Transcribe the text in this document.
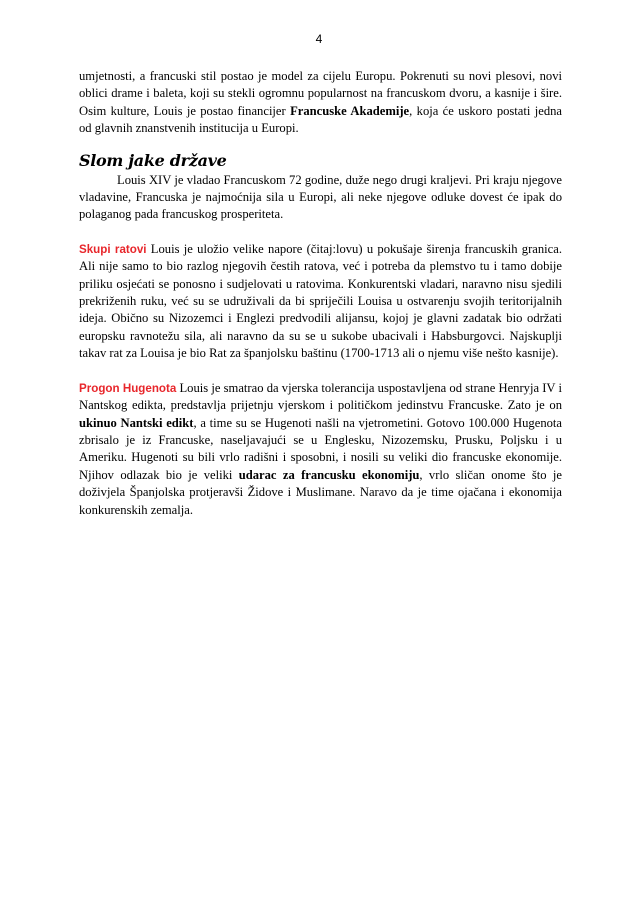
4

umjetnosti, a francuski stil postao je model za cijelu Europu. Pokrenuti su novi plesovi, novi oblici drame i baleta, koji su stekli ogromnu popularnost na francuskom dvoru, a kasnije i šire. Osim kulture, Louis je postao financijer Francuske Akademije, koja će uskoro postati jedna od glavnih znanstvenih institucija u Europi.

Slom jake države

Louis XIV je vladao Francuskom 72 godine, duže nego drugi kraljevi. Pri kraju njegove vladavine, Francuska je najmoćnija sila u Europi, ali neke njegove odluke dovest će ipak do polaganog pada francuskog prosperiteta.

Skupi ratovi Louis je uložio velike napore (čitaj:lovu) u pokušaje širenja francuskih granica. Ali nije samo to bio razlog njegovih čestih ratova, već i potreba da plemstvo tu i tamo dobije priliku osjećati se ponosno i sudjelovati u ratovima. Konkurentski vladari, naravno nisu sjedili prekriženih ruku, već su se udruživali da bi spriječili Louisa u ostvarenju svojih teritorijalnih ideja. Obično su Nizozemci i Englezi predvodili alijansu, kojoj je glavni zadatak bio održati europsku ravnotežu sila, ali naravno da su se u sukobe ubacivali i Habsburgovci. Najskuplji takav rat za Louisa je bio Rat za španjolsku baštinu (1700-1713 ali o njemu više nešto kasnije).

Progon Hugenota Louis je smatrao da vjerska tolerancija uspostavljena od strane Henryja IV i Nantskog edikta, predstavlja prijetnju vjerskom i političkom jedinstvu Francuske. Zato je on ukinuo Nantski edikt, a time su se Hugenoti našli na vjetrometini. Gotovo 100.000 Hugenota zbrisalo je iz Francuske, naseljavajući se u Englesku, Nizozemsku, Prusku, Poljsku i u Ameriku. Hugenoti su bili vrlo radišni i sposobni, i nosili su veliki dio francuske ekonomije. Njihov odlazak bio je veliki udarac za francusku ekonomiju, vrlo sličan onome što je doživjela Španjolska protjeravši Židove i Muslimane. Naravo da je time ojačana i ekonomija konkurenskih zemalja.
